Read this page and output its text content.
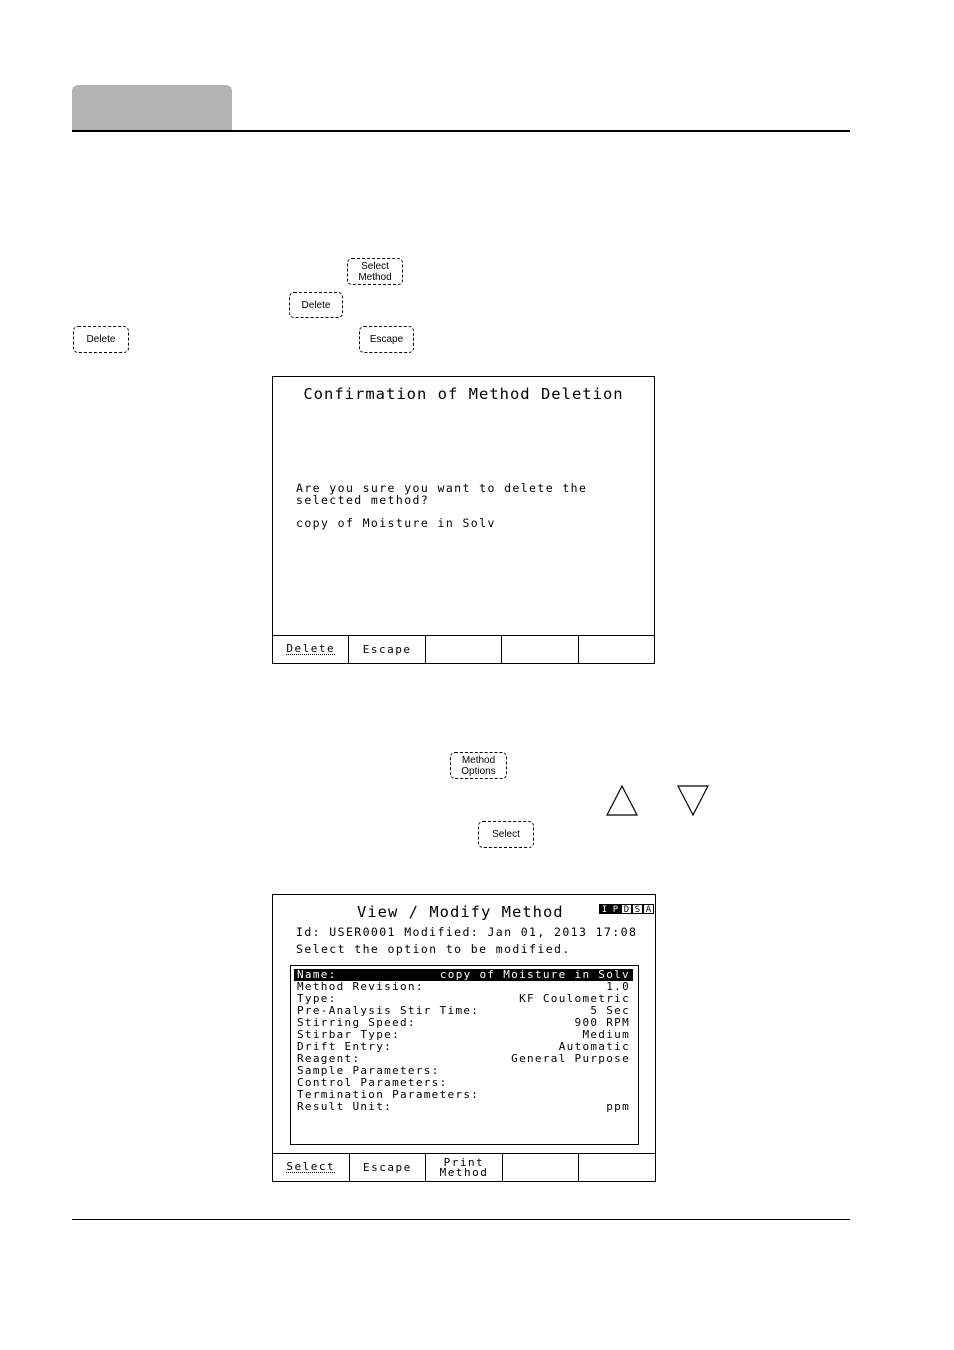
Select
Method
Delete
Delete	Escape
Confirmation of Method Deletion
Are you sure you want to delete the
selected method?
copy of Moisture in Solv
Delete	Escape
Method
Options
Select
View / Modify Method	I P D S A
Id: USER0001 Modified: Jan 01, 2013 17:08
Select the option to be modified.
Name:	copy of Moisture in Solv
Method Revision:	1.0
Type:	KF Coulometric
Pre-Analysis Stir Time:	5 Sec
Stirring Speed:	900 RPM
Stirbar Type:	Medium
Drift Entry:	Automatic
Reagent:	General Purpose
Sample Parameters:
Control Parameters:
Termination Parameters:
Result Unit:	ppm
Select	Escape	Print
Method
